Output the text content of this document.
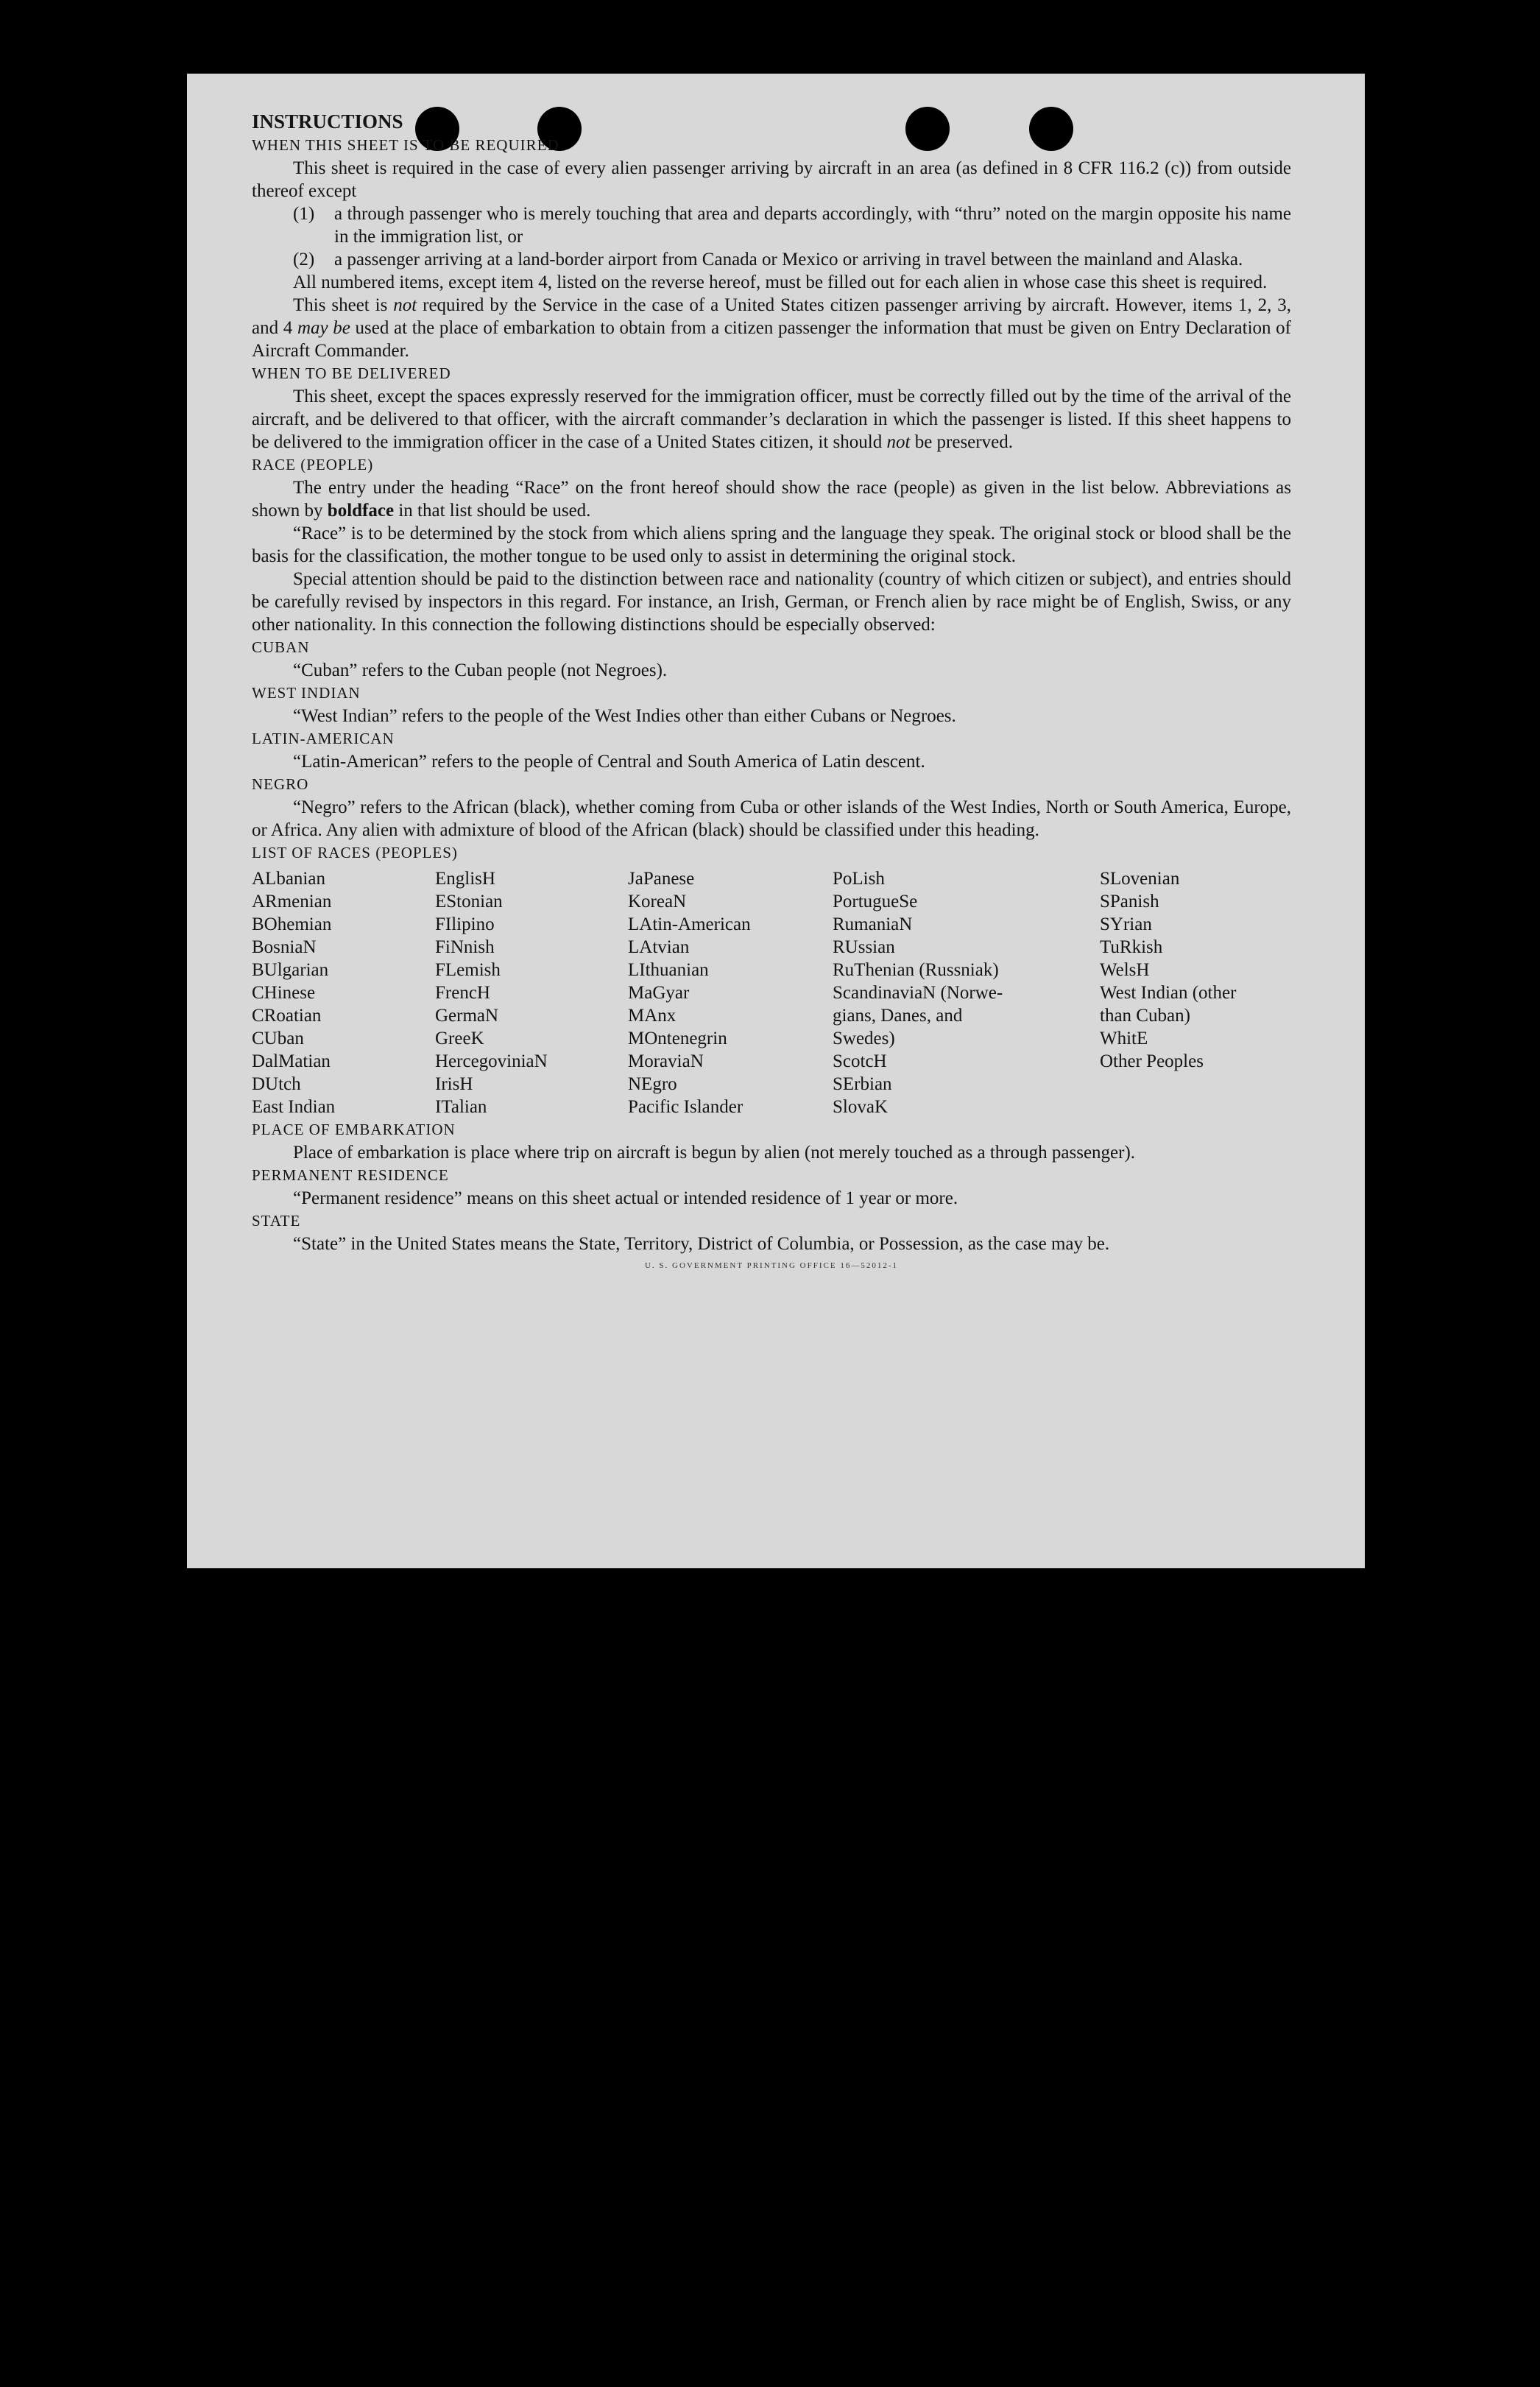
INSTRUCTIONS

WHEN THIS SHEET IS TO BE REQUIRED

This sheet is required in the case of every alien passenger arriving by aircraft in an area (as defined in 8 CFR 116.2 (c)) from outside thereof except

(1)	a through passenger who is merely touching that area and departs accordingly, with “thru” noted on the margin opposite his name in the immigration list, or
(2)	a passenger arriving at a land-border airport from Canada or Mexico or arriving in travel between the mainland and Alaska.

All numbered items, except item 4, listed on the reverse hereof, must be filled out for each alien in whose case this sheet is required.

This sheet is not required by the Service in the case of a United States citizen passenger arriving by aircraft. However, items 1, 2, 3, and 4 may be used at the place of embarkation to obtain from a citizen passenger the information that must be given on Entry Declaration of Aircraft Commander.

WHEN TO BE DELIVERED

This sheet, except the spaces expressly reserved for the immigration officer, must be correctly filled out by the time of the arrival of the aircraft, and be delivered to that officer, with the aircraft commander’s declaration in which the passenger is listed. If this sheet happens to be delivered to the immigration officer in the case of a United States citizen, it should not be preserved.

RACE (PEOPLE)

The entry under the heading “Race” on the front hereof should show the race (people) as given in the list below. Abbreviations as shown by boldface in that list should be used.

“Race” is to be determined by the stock from which aliens spring and the language they speak. The original stock or blood shall be the basis for the classification, the mother tongue to be used only to assist in determining the original stock.

Special attention should be paid to the distinction between race and nationality (country of which citizen or subject), and entries should be carefully revised by inspectors in this regard. For instance, an Irish, German, or French alien by race might be of English, Swiss, or any other nationality. In this connection the following distinctions should be especially observed:

CUBAN

“Cuban” refers to the Cuban people (not Negroes).

WEST INDIAN

“West Indian” refers to the people of the West Indies other than either Cubans or Negroes.

LATIN-AMERICAN

“Latin-American” refers to the people of Central and South America of Latin descent.

NEGRO

“Negro” refers to the African (black), whether coming from Cuba or other islands of the West Indies, North or South America, Europe, or Africa. Any alien with admixture of blood of the African (black) should be classified under this heading.

LIST OF RACES (PEOPLES)

ALbanian
ARmenian
BOhemian
BosniaN
BUlgarian
CHinese
CRoatian
CUban
DalMatian
DUtch
East Indian
EnglisH
EStonian
FIlipino
FiNnish
FLemish
FrencH
GermaN
GreeK
HercegoviniaN
IrisH
ITalian
JaPanese
KoreaN
LAtin-American
LAtvian
LIthuanian
MaGyar
MAnx
MOntenegrin
MoraviaN
NEgro
Pacific Islander
PoLish
PortugueSe
RumaniaN
RUssian
RuThenian (Russniak)
ScandinaviaN (Norwe-
gians, Danes, and
Swedes)
ScotcH
SErbian
SlovaK
SLovenian
SPanish
SYrian
TuRkish
WelsH
West Indian (other
than Cuban)
WhitE
Other Peoples

PLACE OF EMBARKATION

Place of embarkation is place where trip on aircraft is begun by alien (not merely touched as a through passenger).

PERMANENT RESIDENCE

“Permanent residence” means on this sheet actual or intended residence of 1 year or more.

STATE

“State” in the United States means the State, Territory, District of Columbia, or Possession, as the case may be.

U. S. GOVERNMENT PRINTING OFFICE 16—52012-1
